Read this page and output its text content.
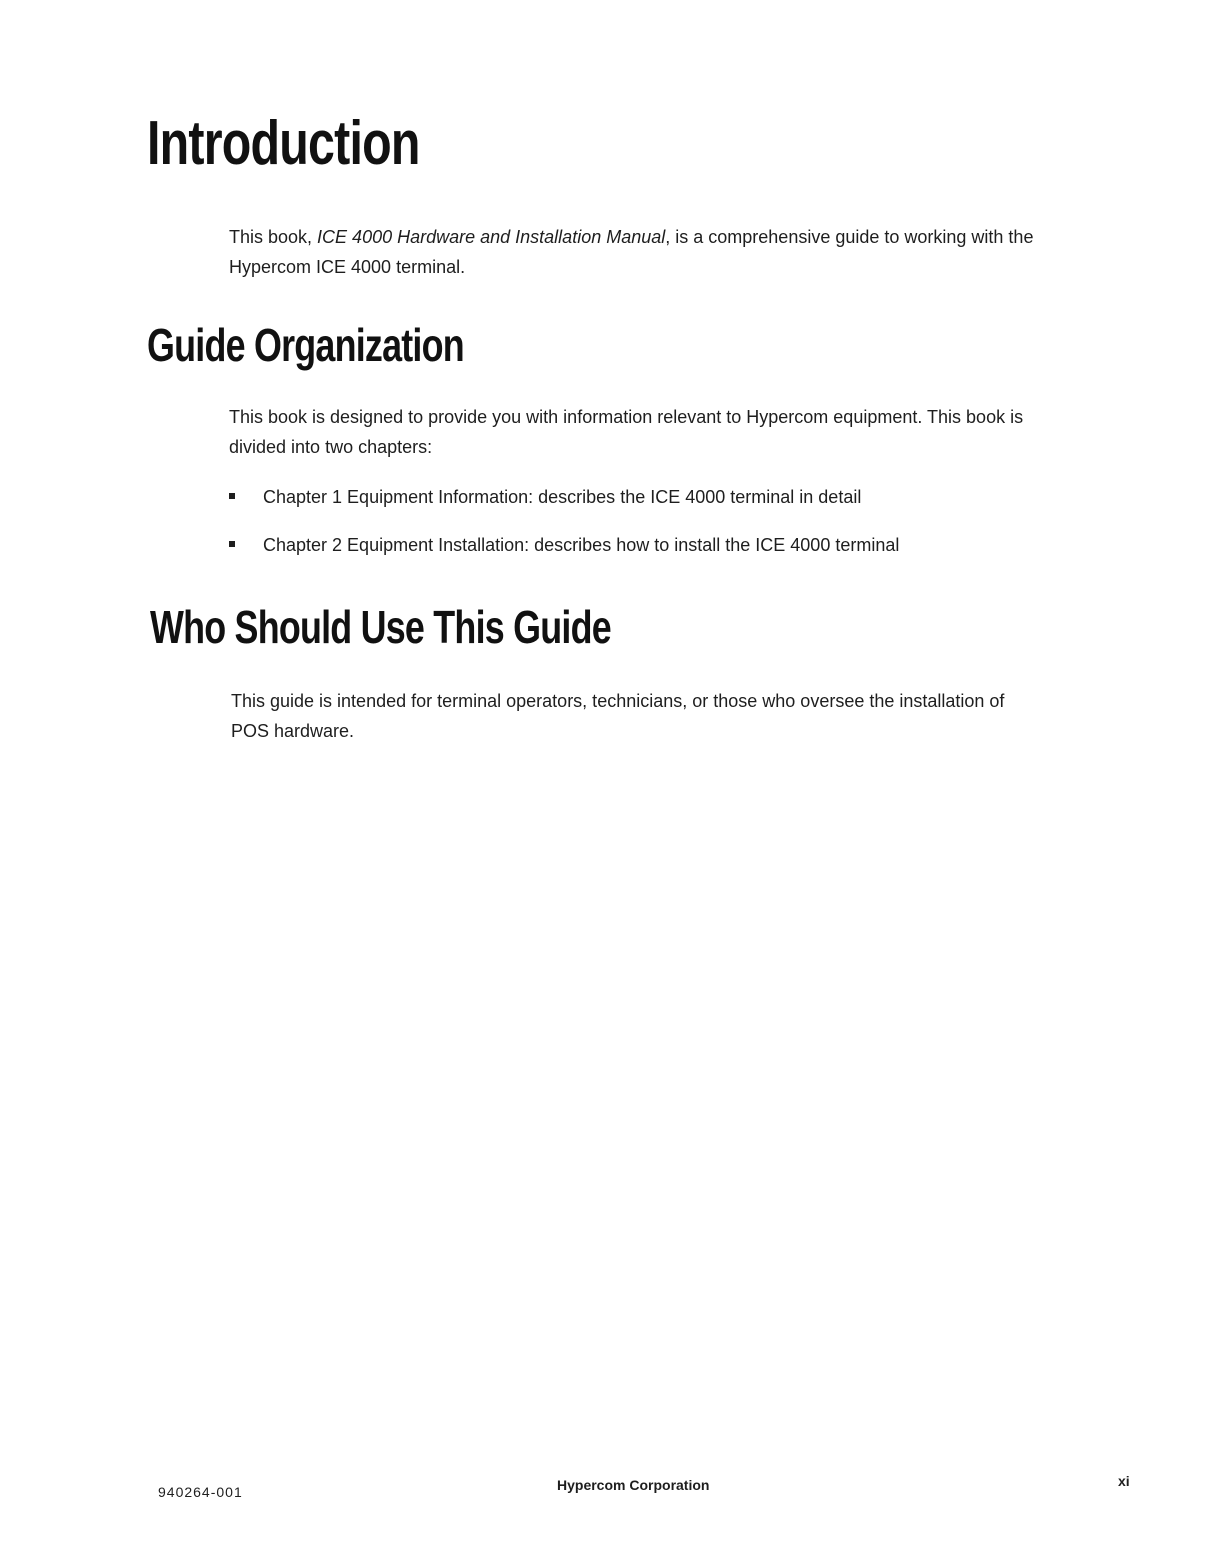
Introduction

This book, ICE 4000 Hardware and Installation Manual, is a comprehensive guide to working with the
Hypercom ICE 4000 terminal.

Guide Organization

This book is designed to provide you with information relevant to Hypercom equipment. This book is
divided into two chapters:

Chapter 1 Equipment Information: describes the ICE 4000 terminal in detail
Chapter 2 Equipment Installation: describes how to install the ICE 4000 terminal
Who Should Use This Guide

This guide is intended for terminal operators, technicians, or those who oversee the installation of
POS hardware.

940264-001	Hypercom Corporation	xi
